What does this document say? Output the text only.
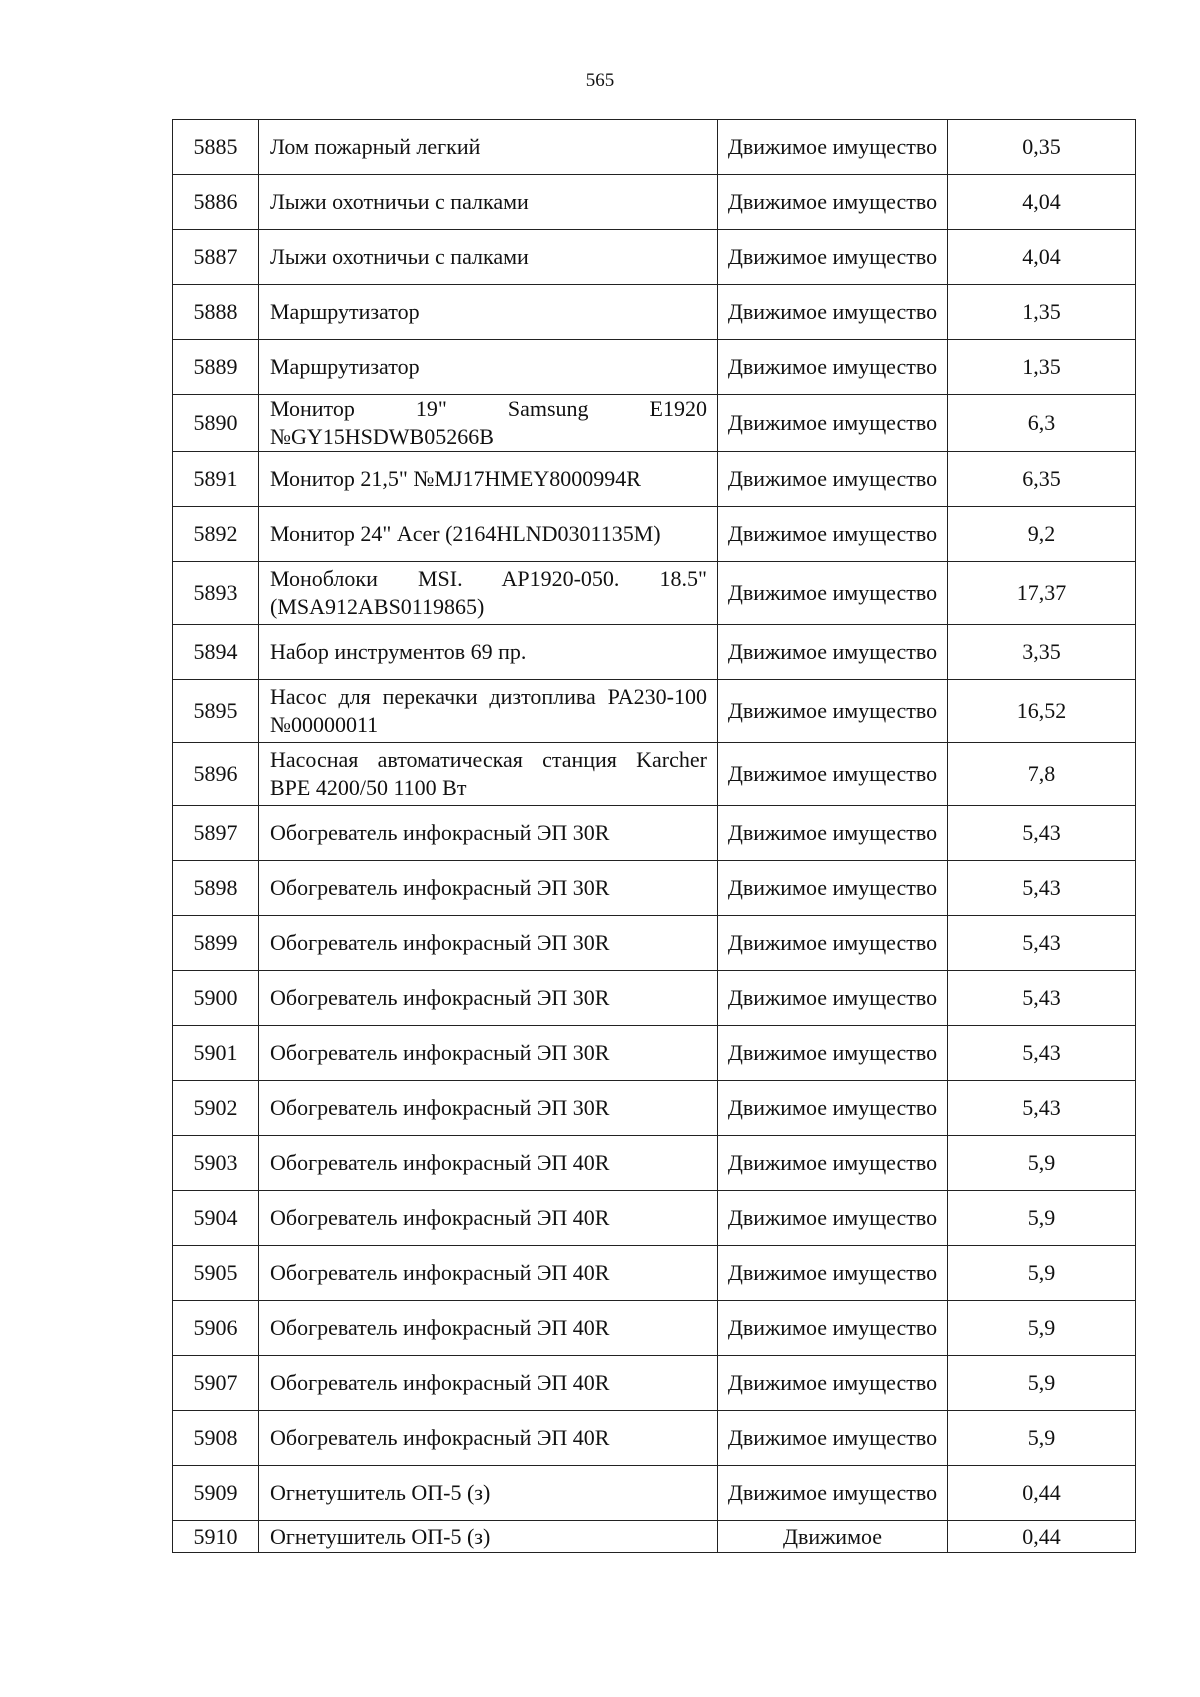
565
5885	Лом пожарный легкий	Движимое имущество	0,35
5886	Лыжи охотничьи с палками	Движимое имущество	4,04
5887	Лыжи охотничьи с палками	Движимое имущество	4,04
5888	Маршрутизатор	Движимое имущество	1,35
5889	Маршрутизатор	Движимое имущество	1,35
5890	Монитор 19" Samsung E1920 №GY15HSDWB05266B	Движимое имущество	6,3
5891	Монитор 21,5" №MJ17HMEY8000994R	Движимое имущество	6,35
5892	Монитор 24" Acer (2164HLND0301135M)	Движимое имущество	9,2
5893	Моноблоки MSI. AP1920-050. 18.5" (MSA912ABS0119865)	Движимое имущество	17,37
5894	Набор инструментов 69 пр.	Движимое имущество	3,35
5895	Насос для перекачки дизтоплива PA230-100 №00000011	Движимое имущество	16,52
5896	Насосная автоматическая станция Karcher BPE 4200/50 1100 Вт	Движимое имущество	7,8
5897	Обогреватель инфокрасный ЭП 30R	Движимое имущество	5,43
5898	Обогреватель инфокрасный ЭП 30R	Движимое имущество	5,43
5899	Обогреватель инфокрасный ЭП 30R	Движимое имущество	5,43
5900	Обогреватель инфокрасный ЭП 30R	Движимое имущество	5,43
5901	Обогреватель инфокрасный ЭП 30R	Движимое имущество	5,43
5902	Обогреватель инфокрасный ЭП 30R	Движимое имущество	5,43
5903	Обогреватель инфокрасный ЭП 40R	Движимое имущество	5,9
5904	Обогреватель инфокрасный ЭП 40R	Движимое имущество	5,9
5905	Обогреватель инфокрасный ЭП 40R	Движимое имущество	5,9
5906	Обогреватель инфокрасный ЭП 40R	Движимое имущество	5,9
5907	Обогреватель инфокрасный ЭП 40R	Движимое имущество	5,9
5908	Обогреватель инфокрасный ЭП 40R	Движимое имущество	5,9
5909	Огнетушитель ОП-5 (з)	Движимое имущество	0,44
5910	Огнетушитель ОП-5 (з)	Движимое	0,44
